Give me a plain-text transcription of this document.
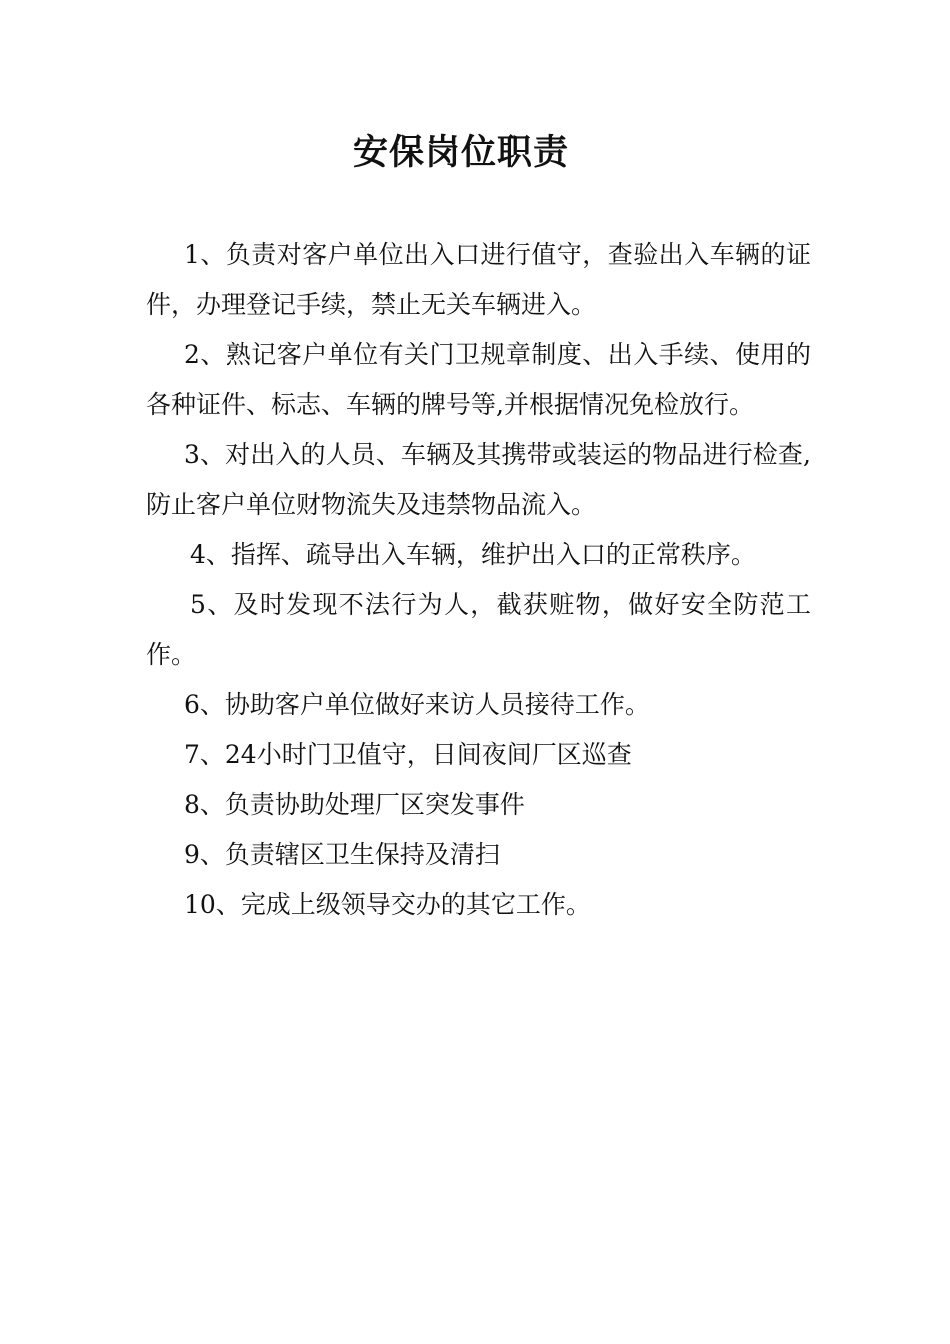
安保岗位职责

1、负责对客户单位出入口进行值守，查验出入车辆的证件，办理登记手续，禁止无关车辆进入。

2、熟记客户单位有关门卫规章制度、出入手续、使用的各种证件、标志、车辆的牌号等,并根据情况免检放行。

3、对出入的人员、车辆及其携带或装运的物品进行检查,防止客户单位财物流失及违禁物品流入。

4、指挥、疏导出入车辆，维护出入口的正常秩序。

5、及时发现不法行为人，截获赃物，做好安全防范工作。

6、协助客户单位做好来访人员接待工作。

7、24小时门卫值守，日间夜间厂区巡查

8、负责协助处理厂区突发事件

9、负责辖区卫生保持及清扫

10、完成上级领导交办的其它工作。
